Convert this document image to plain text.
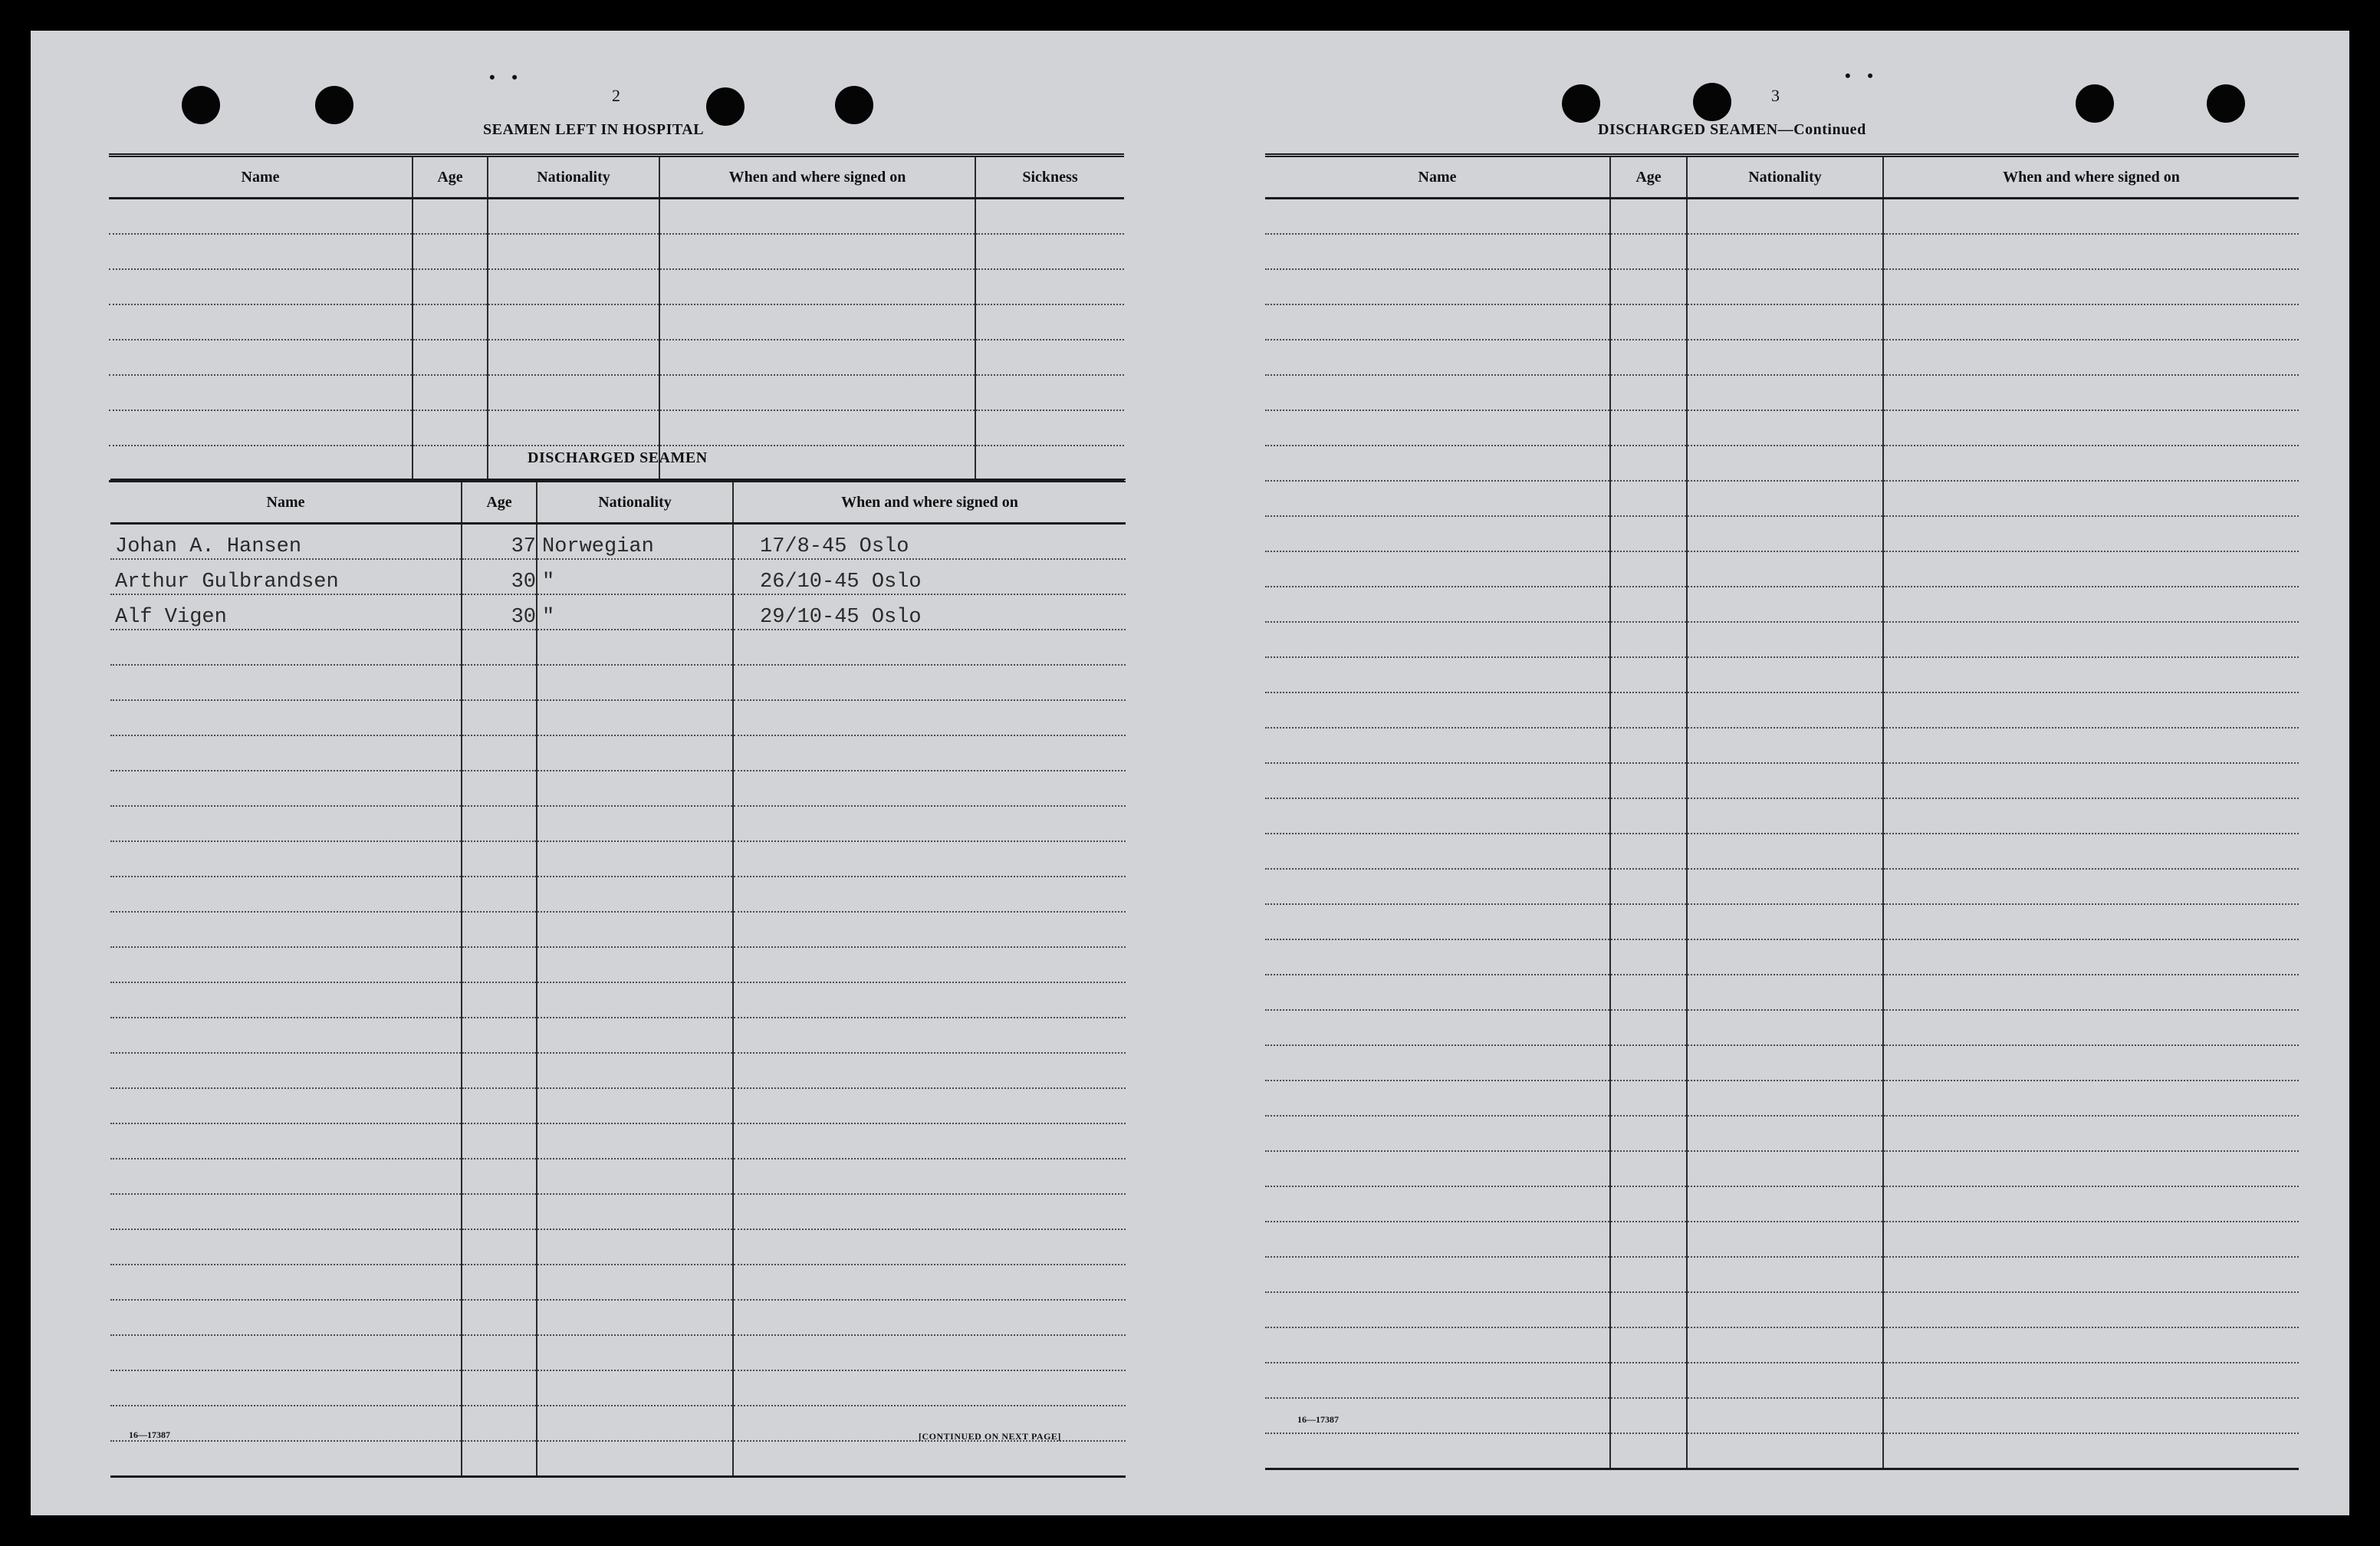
• •
2
SEAMEN LEFT IN HOSPITAL
Name	Age	Nationality	When and where signed on	Sickness

DISCHARGED SEAMEN
Name	Age	Nationality	When and where signed on
Johan A. Hansen	37	Norwegian	17/8-45 Oslo
Arthur Gulbrandsen	30	"	26/10-45 Oslo
Alf Vigen	30	"	29/10-45 Oslo

16—17387	[CONTINUED ON NEXT PAGE]
• •
3
DISCHARGED SEAMEN—Continued
Name	Age	Nationality	When and where signed on

16—17387
